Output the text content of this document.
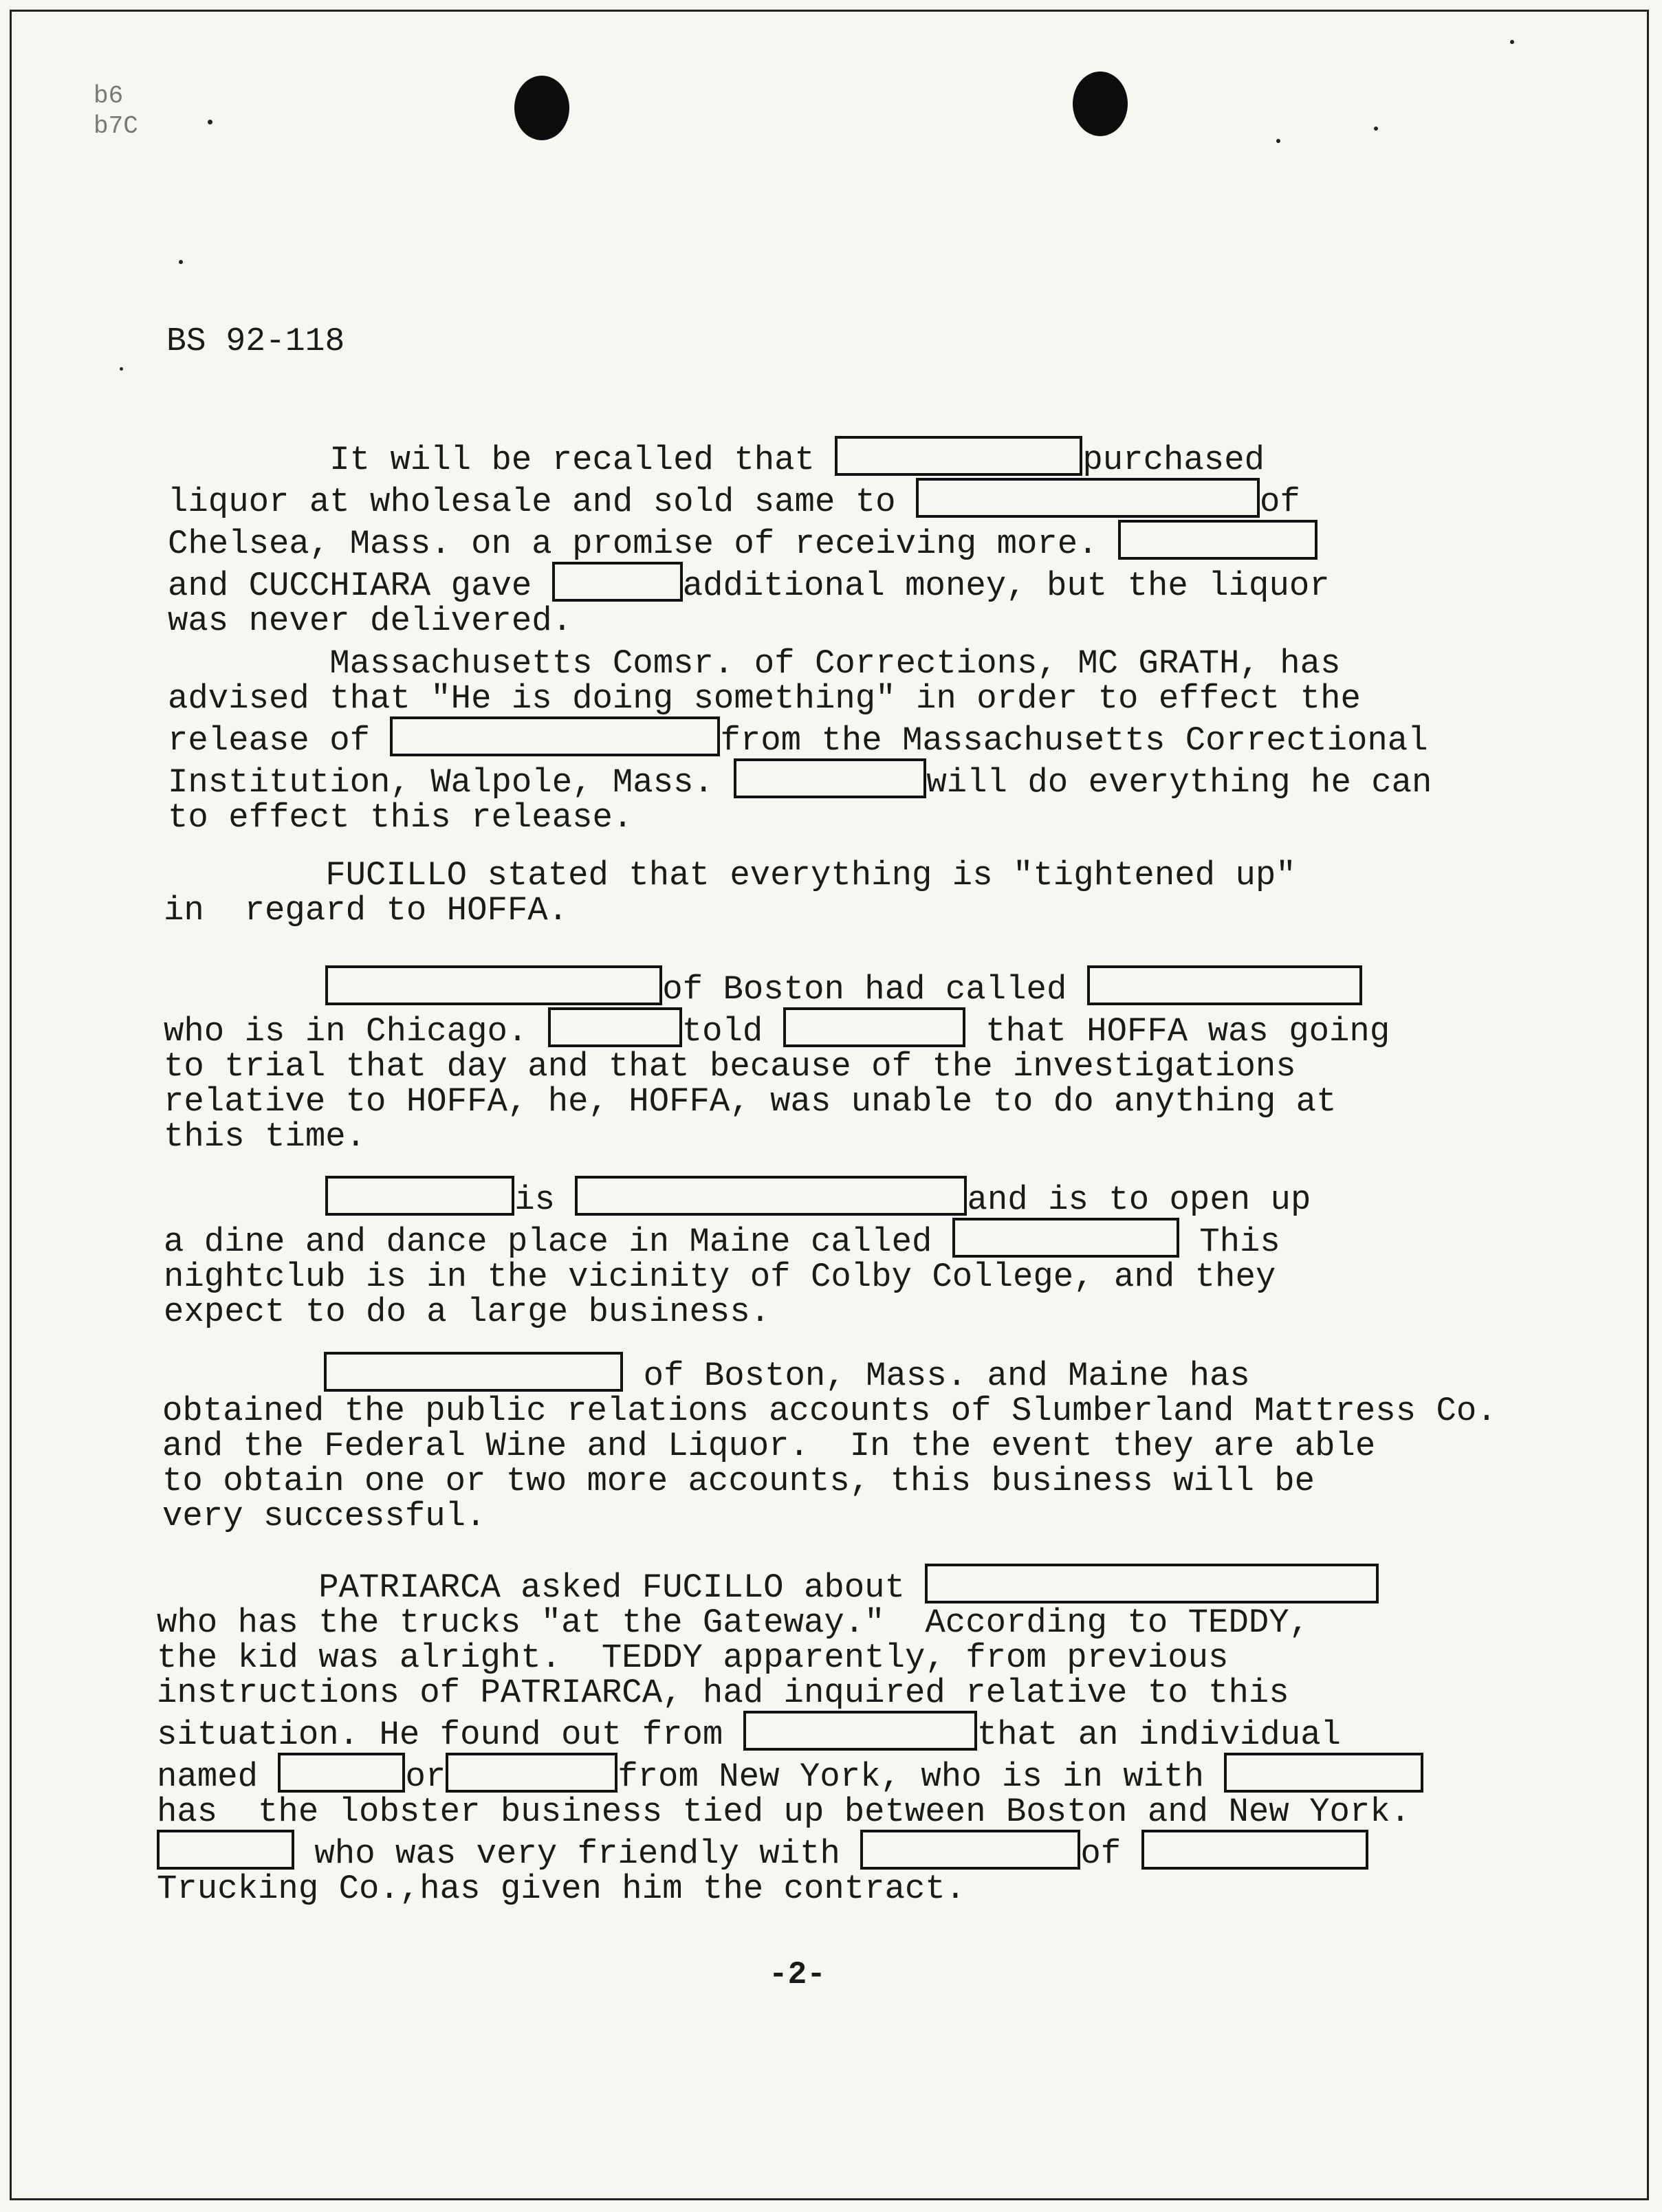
b6
b7C
BS 92-118
It will be recalled that	purchased
liquor at wholesale and sold same to	of
Chelsea, Mass. on a promise of receiving more.
and CUCCHIARA gave	additional money, but the liquor
was never delivered.
Massachusetts Comsr. of Corrections, MC GRATH, has
advised that "He is doing something" in order to effect the
release of	from the Massachusetts Correctional
Institution, Walpole, Mass.	will do everything he can
to effect this release.
FUCILLO stated that everything is "tightened up"
in  regard to HOFFA.
of Boston had called
who is in Chicago.	told	that HOFFA was going
to trial that day and that because of the investigations
relative to HOFFA, he, HOFFA, was unable to do anything at
this time.
is	and is to open up
a dine and dance place in Maine called	This
nightclub is in the vicinity of Colby College, and they
expect to do a large business.
of Boston, Mass. and Maine has
obtained the public relations accounts of Slumberland Mattress Co.
and the Federal Wine and Liquor.  In the event they are able
to obtain one or two more accounts, this business will be
very successful.
PATRIARCA asked FUCILLO about
who has the trucks "at the Gateway."  According to TEDDY,
the kid was alright.  TEDDY apparently, from previous
instructions of PATRIARCA, had inquired relative to this
situation. He found out from	that an individual
named	or	from New York, who is in with
has  the lobster business tied up between Boston and New York.
who was very friendly with	of
Trucking Co.,has given him the contract.
-2-
